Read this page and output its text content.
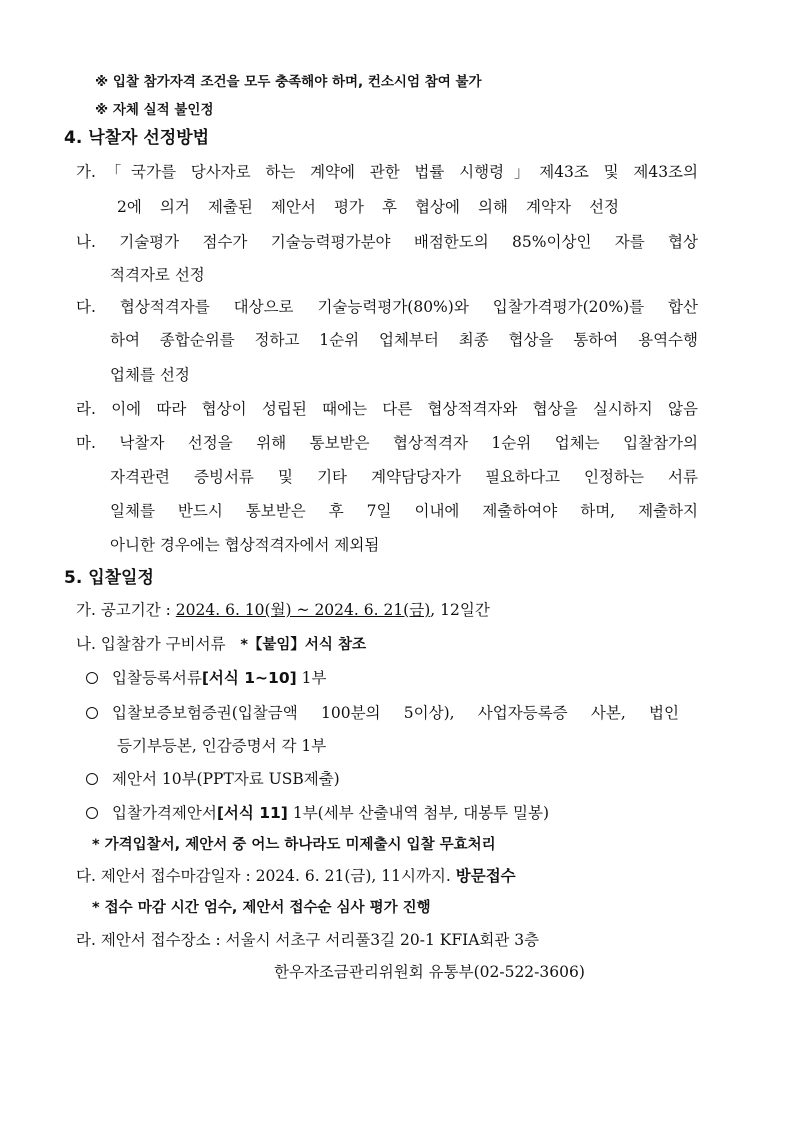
※ 입찰 참가자격 조건을 모두 충족해야 하며, 컨소시엄 참여 불가
※ 자체 실적 불인정
4. 낙찰자 선정방법
가.「국가를 당사자로 하는 계약에 관한 법률 시행령」제43조 및 제43조의
2에 의거 제출된 제안서 평가 후 협상에 의해 계약자 선정
나. 기술평가 점수가 기술능력평가분야 배점한도의 85%이상인 자를 협상
적격자로 선정
다. 협상적격자를 대상으로 기술능력평가(80%)와 입찰가격평가(20%)를 합산
하여 종합순위를 정하고 1순위 업체부터 최종 협상을 통하여 용역수행
업체를 선정
라. 이에 따라 협상이 성립된 때에는 다른 협상적격자와 협상을 실시하지 않음
마. 낙찰자 선정을 위해 통보받은 협상적격자 1순위 업체는 입찰참가의
자격관련 증빙서류 및 기타 계약담당자가 필요하다고 인정하는 서류
일체를 반드시 통보받은 후 7일 이내에 제출하여야 하며, 제출하지
아니한 경우에는 협상적격자에서 제외됨
5. 입찰일정
가. 공고기간 : 2024. 6. 10(월) ~ 2024. 6. 21(금), 12일간
나. 입찰참가 구비서류   *【붙임】서식 참조
입찰등록서류[서식 1~10] 1부
입찰보증보험증권(입찰금액 100분의 5이상), 사업자등록증 사본, 법인
등기부등본, 인감증명서 각 1부
제안서 10부(PPT자료 USB제출)
입찰가격제안서[서식 11] 1부(세부 산출내역 첨부, 대봉투 밀봉)
* 가격입찰서, 제안서 중 어느 하나라도 미제출시 입찰 무효처리
다. 제안서 접수마감일자 : 2024. 6. 21(금), 11시까지. 방문접수
* 접수 마감 시간 엄수, 제안서 접수순 심사 평가 진행
라. 제안서 접수장소 : 서울시 서초구 서리풀3길 20-1 KFIA회관 3층
한우자조금관리위원회 유통부(02-522-3606)
